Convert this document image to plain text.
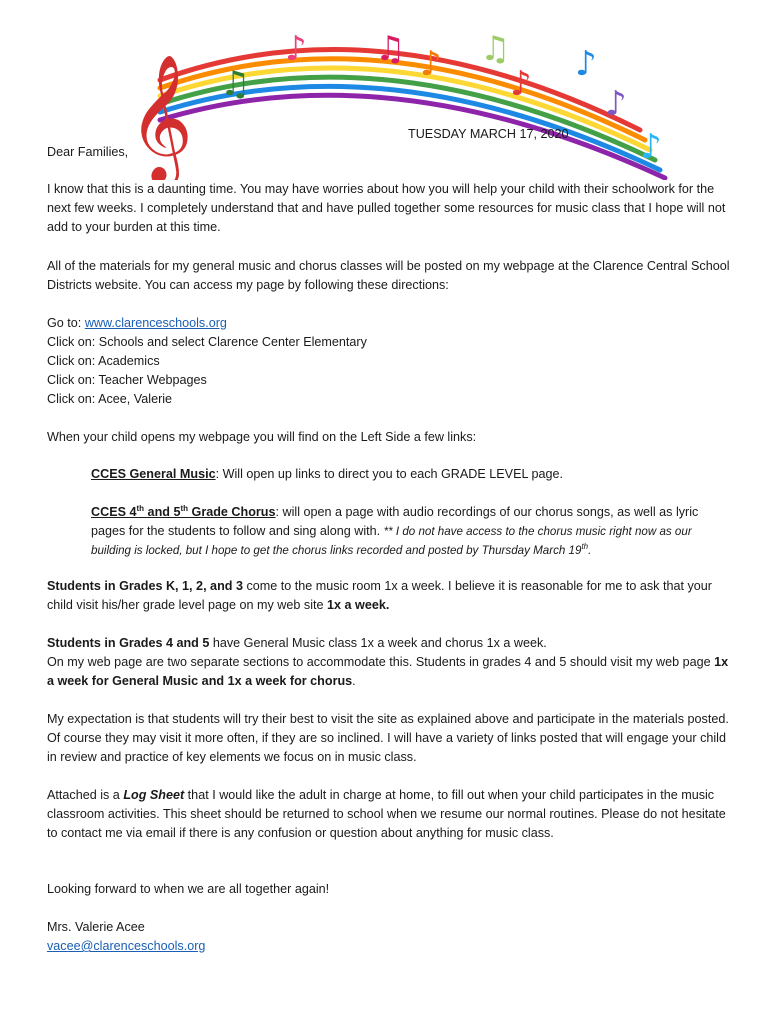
𝄞 ♫
♪ ♫ ♪ ♫
♪ ♪
♪
♪
TUESDAY MARCH 17, 2020

Dear Families,

I know that this is a daunting time. You may have worries about how you will help your child with their schoolwork for the next few weeks. I completely understand that and have pulled together some resources for music class that I hope will not add to your burden at this time.

All of the materials for my general music and chorus classes will be posted on my webpage at the Clarence Central School Districts website. You can access my page by following these directions:

Go to: www.clarenceschools.org
Click on: Schools and select Clarence Center Elementary
Click on: Academics
Click on: Teacher Webpages
Click on: Acee, Valerie

When your child opens my webpage you will find on the Left Side a few links:

CCES General Music: Will open up links to direct you to each GRADE LEVEL page.

CCES 4th and 5th Grade Chorus: will open a page with audio recordings of our chorus songs, as well as lyric pages for the students to follow and sing along with. ** I do not have access to the chorus music right now as our building is locked, but I hope to get the chorus links recorded and posted by Thursday March 19th.

Students in Grades K, 1, 2, and 3 come to the music room 1x a week. I believe it is reasonable for me to ask that your child visit his/her grade level page on my web site 1x a week.

Students in Grades 4 and 5 have General Music class 1x a week and chorus 1x a week.
On my web page are two separate sections to accommodate this. Students in grades 4 and 5 should visit my web page 1x a week for General Music and 1x a week for chorus.

My expectation is that students will try their best to visit the site as explained above and participate in the materials posted. Of course they may visit it more often, if they are so inclined. I will have a variety of links posted that will engage your child in review and practice of key elements we focus on in music class.

Attached is a Log Sheet that I would like the adult in charge at home, to fill out when your child participates in the music classroom activities. This sheet should be returned to school when we resume our normal routines. Please do not hesitate to contact me via email if there is any confusion or question about anything for music class.

Looking forward to when we are all together again!

Mrs. Valerie Acee

vacee@clarenceschools.org
